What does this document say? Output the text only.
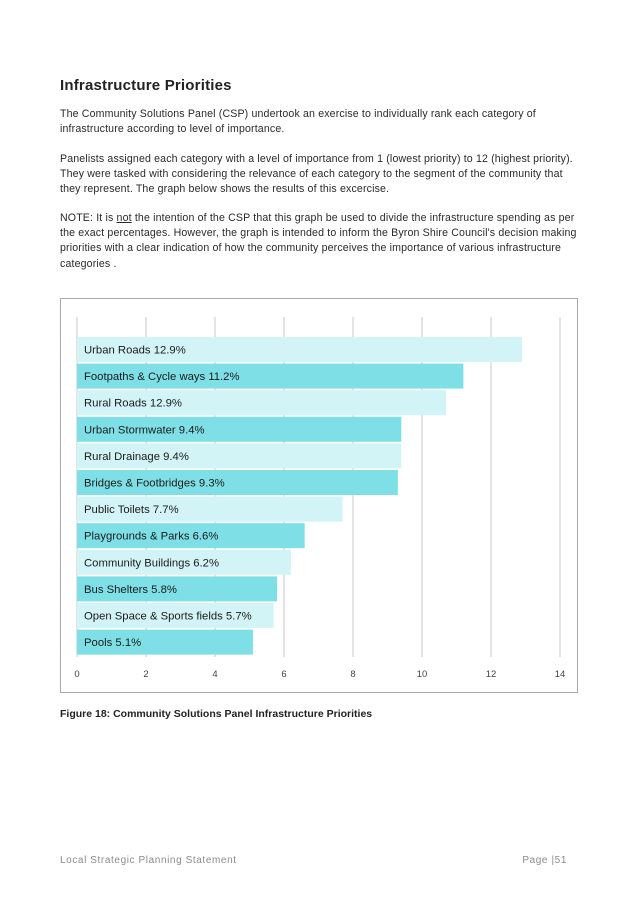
Infrastructure Priorities

The Community Solutions Panel (CSP) undertook an exercise to individually rank each category of infrastructure according to level of importance.

Panelists assigned each category with a level of importance from 1 (lowest priority) to 12 (highest priority). They were tasked with considering the relevance of each category to the segment of the community that they represent. The graph below shows the results of this excercise.

NOTE: It is not the intention of the CSP that this graph be used to divide the infrastructure spending as per the exact percentages. However, the graph is intended to inform the Byron Shire Council's decision making priorities with a clear indication of how the community perceives the importance of various infrastructure categories .

Urban Roads 12.9%
Footpaths & Cycle ways 11.2%
Rural Roads 12.9%
Urban Stormwater 9.4%
Rural Drainage 9.4%
Bridges & Footbridges 9.3%
Public Toilets 7.7%
Playgrounds & Parks 6.6%
Community Buildings 6.2%
Bus Shelters 5.8%
Open Space & Sports fields 5.7%
Pools 5.1%
0	2	4	6	8	10	12	14

Figure 18: Community Solutions Panel Infrastructure Priorities

Local Strategic Planning Statement	Page |51
